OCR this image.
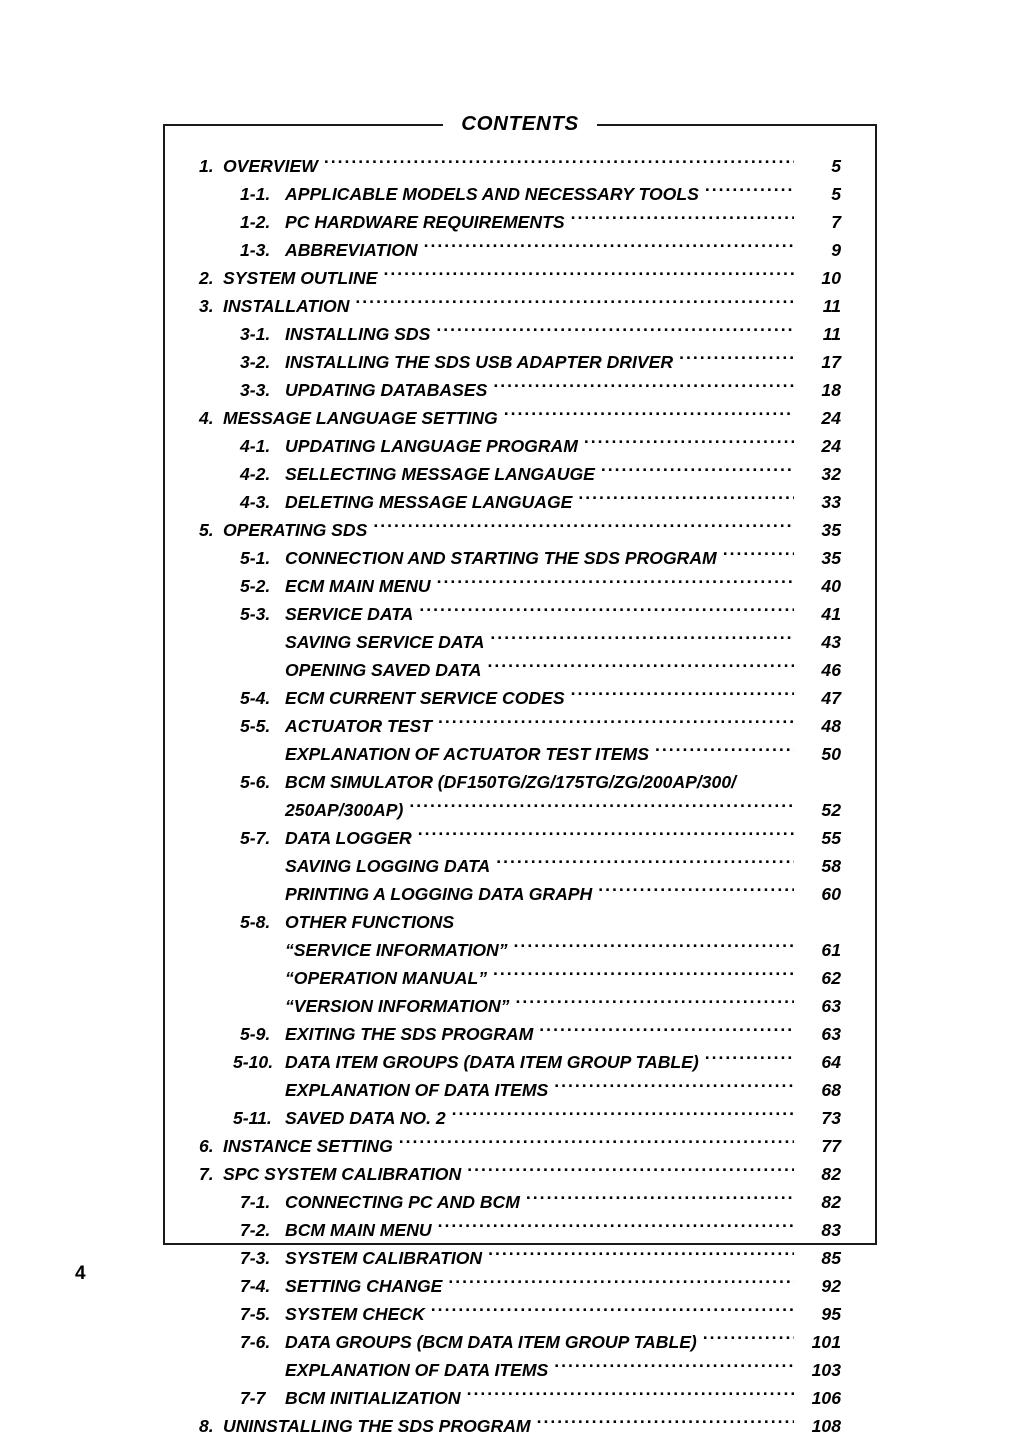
CONTENTS
1. OVERVIEW .....	5
1-1. APPLICABLE MODELS AND NECESSARY TOOLS .....	5
1-2. PC HARDWARE REQUIREMENTS .....	7
1-3. ABBREVIATION .....	9
2. SYSTEM OUTLINE .....	10
3. INSTALLATION .....	11
3-1. INSTALLING SDS .....	11
3-2. INSTALLING THE SDS USB ADAPTER DRIVER .....	17
3-3. UPDATING DATABASES .....	18
4. MESSAGE LANGUAGE SETTING .....	24
4-1. UPDATING LANGUAGE PROGRAM .....	24
4-2. SELLECTING MESSAGE LANGAUGE .....	32
4-3. DELETING MESSAGE LANGUAGE .....	33
5. OPERATING SDS .....	35
5-1. CONNECTION AND STARTING THE SDS PROGRAM .....	35
5-2. ECM MAIN MENU .....	40
5-3. SERVICE DATA .....	41
SAVING SERVICE DATA .....	43
OPENING SAVED DATA .....	46
5-4. ECM CURRENT SERVICE CODES .....	47
5-5. ACTUATOR TEST .....	48
EXPLANATION OF ACTUATOR TEST ITEMS .....	50
5-6. BCM SIMULATOR (DF150TG/ZG/175TG/ZG/200AP/300/
250AP/300AP) .....	52
5-7. DATA LOGGER .....	55
SAVING LOGGING DATA .....	58
PRINTING A LOGGING DATA GRAPH .....	60
5-8. OTHER FUNCTIONS
“SERVICE INFORMATION” .....	61
“OPERATION MANUAL” .....	62
“VERSION INFORMATION” .....	63
5-9. EXITING THE SDS PROGRAM .....	63
5-10. DATA ITEM GROUPS (DATA ITEM GROUP TABLE) .....	64
EXPLANATION OF DATA ITEMS .....	68
5-11. SAVED DATA NO. 2 .....	73
6. INSTANCE SETTING .....	77
7. SPC SYSTEM CALIBRATION .....	82
7-1. CONNECTING PC AND BCM .....	82
7-2. BCM MAIN MENU .....	83
7-3. SYSTEM CALIBRATION .....	85
7-4. SETTING CHANGE .....	92
7-5. SYSTEM CHECK .....	95
7-6. DATA GROUPS (BCM DATA ITEM GROUP TABLE) .....	101
EXPLANATION OF DATA ITEMS .....	103
7-7	BCM INITIALIZATION .....	106
8. UNINSTALLING THE SDS PROGRAM .....	108
4
